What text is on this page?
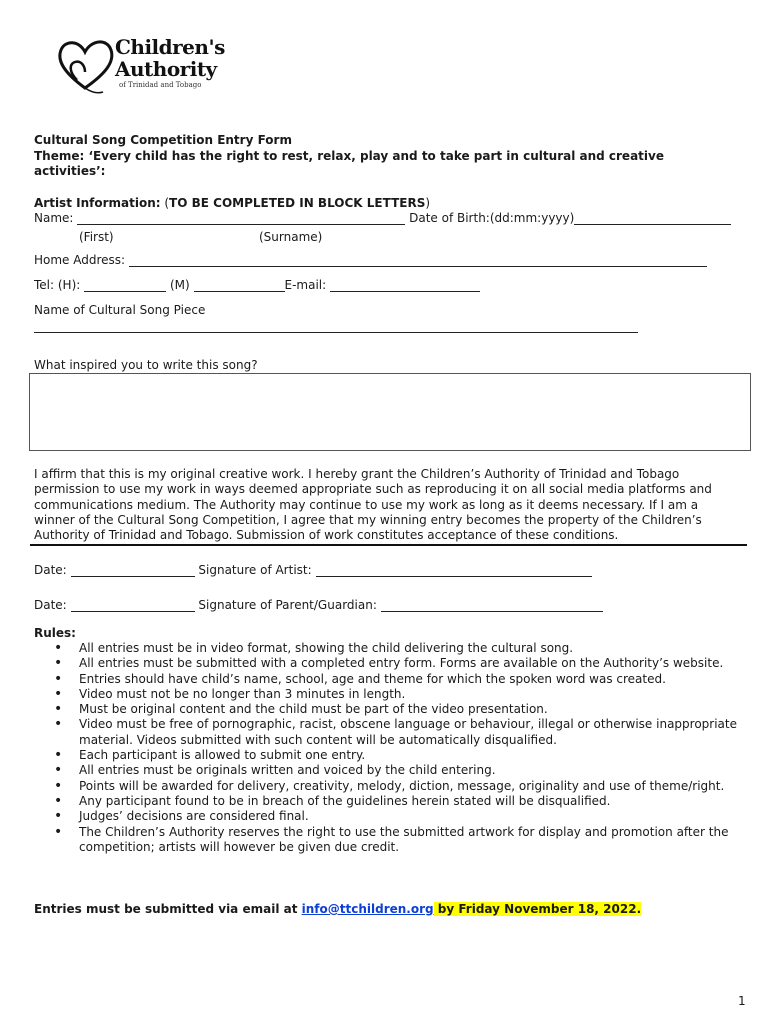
Children's
Authority
of Trinidad and Tobago
Cultural Song Competition Entry Form
Theme: ‘Every child has the right to rest, relax, play and to take part in cultural and creative
activities’:
Artist Information: (TO BE COMPLETED IN BLOCK LETTERS)
Name:	Date of Birth:(dd:mm:yyyy)
(First)	(Surname)
Home Address:
Tel: (H):	(M)	E-mail:
Name of Cultural Song Piece
What inspired you to write this song?
I affirm that this is my original creative work. I hereby grant the Children’s Authority of Trinidad and Tobago
permission to use my work in ways deemed appropriate such as reproducing it on all social media platforms and
communications medium. The Authority may continue to use my work as long as it deems necessary. If I am a
winner of the Cultural Song Competition, I agree that my winning entry becomes the property of the Children’s
Authority of Trinidad and Tobago. Submission of work constitutes acceptance of these conditions.
Date:	Signature of Artist:
Date:	Signature of Parent/Guardian:
Rules:
• All entries must be in video format, showing the child delivering the cultural song.
• All entries must be submitted with a completed entry form. Forms are available on the Authority’s website.
• Entries should have child’s name, school, age and theme for which the spoken word was created.
• Video must not be no longer than 3 minutes in length.
• Must be original content and the child must be part of the video presentation.
• Video must be free of pornographic, racist, obscene language or behaviour, illegal or otherwise inappropriate material. Videos submitted with such content will be automatically disqualified.
• Each participant is allowed to submit one entry.
• All entries must be originals written and voiced by the child entering.
• Points will be awarded for delivery, creativity, melody, diction, message, originality and use of theme/right.
• Any participant found to be in breach of the guidelines herein stated will be disqualified.
• Judges’ decisions are considered final.
• The Children’s Authority reserves the right to use the submitted artwork for display and promotion after the competition; artists will however be given due credit.
Entries must be submitted via email at info@ttchildren.org by Friday November 18, 2022.
1
